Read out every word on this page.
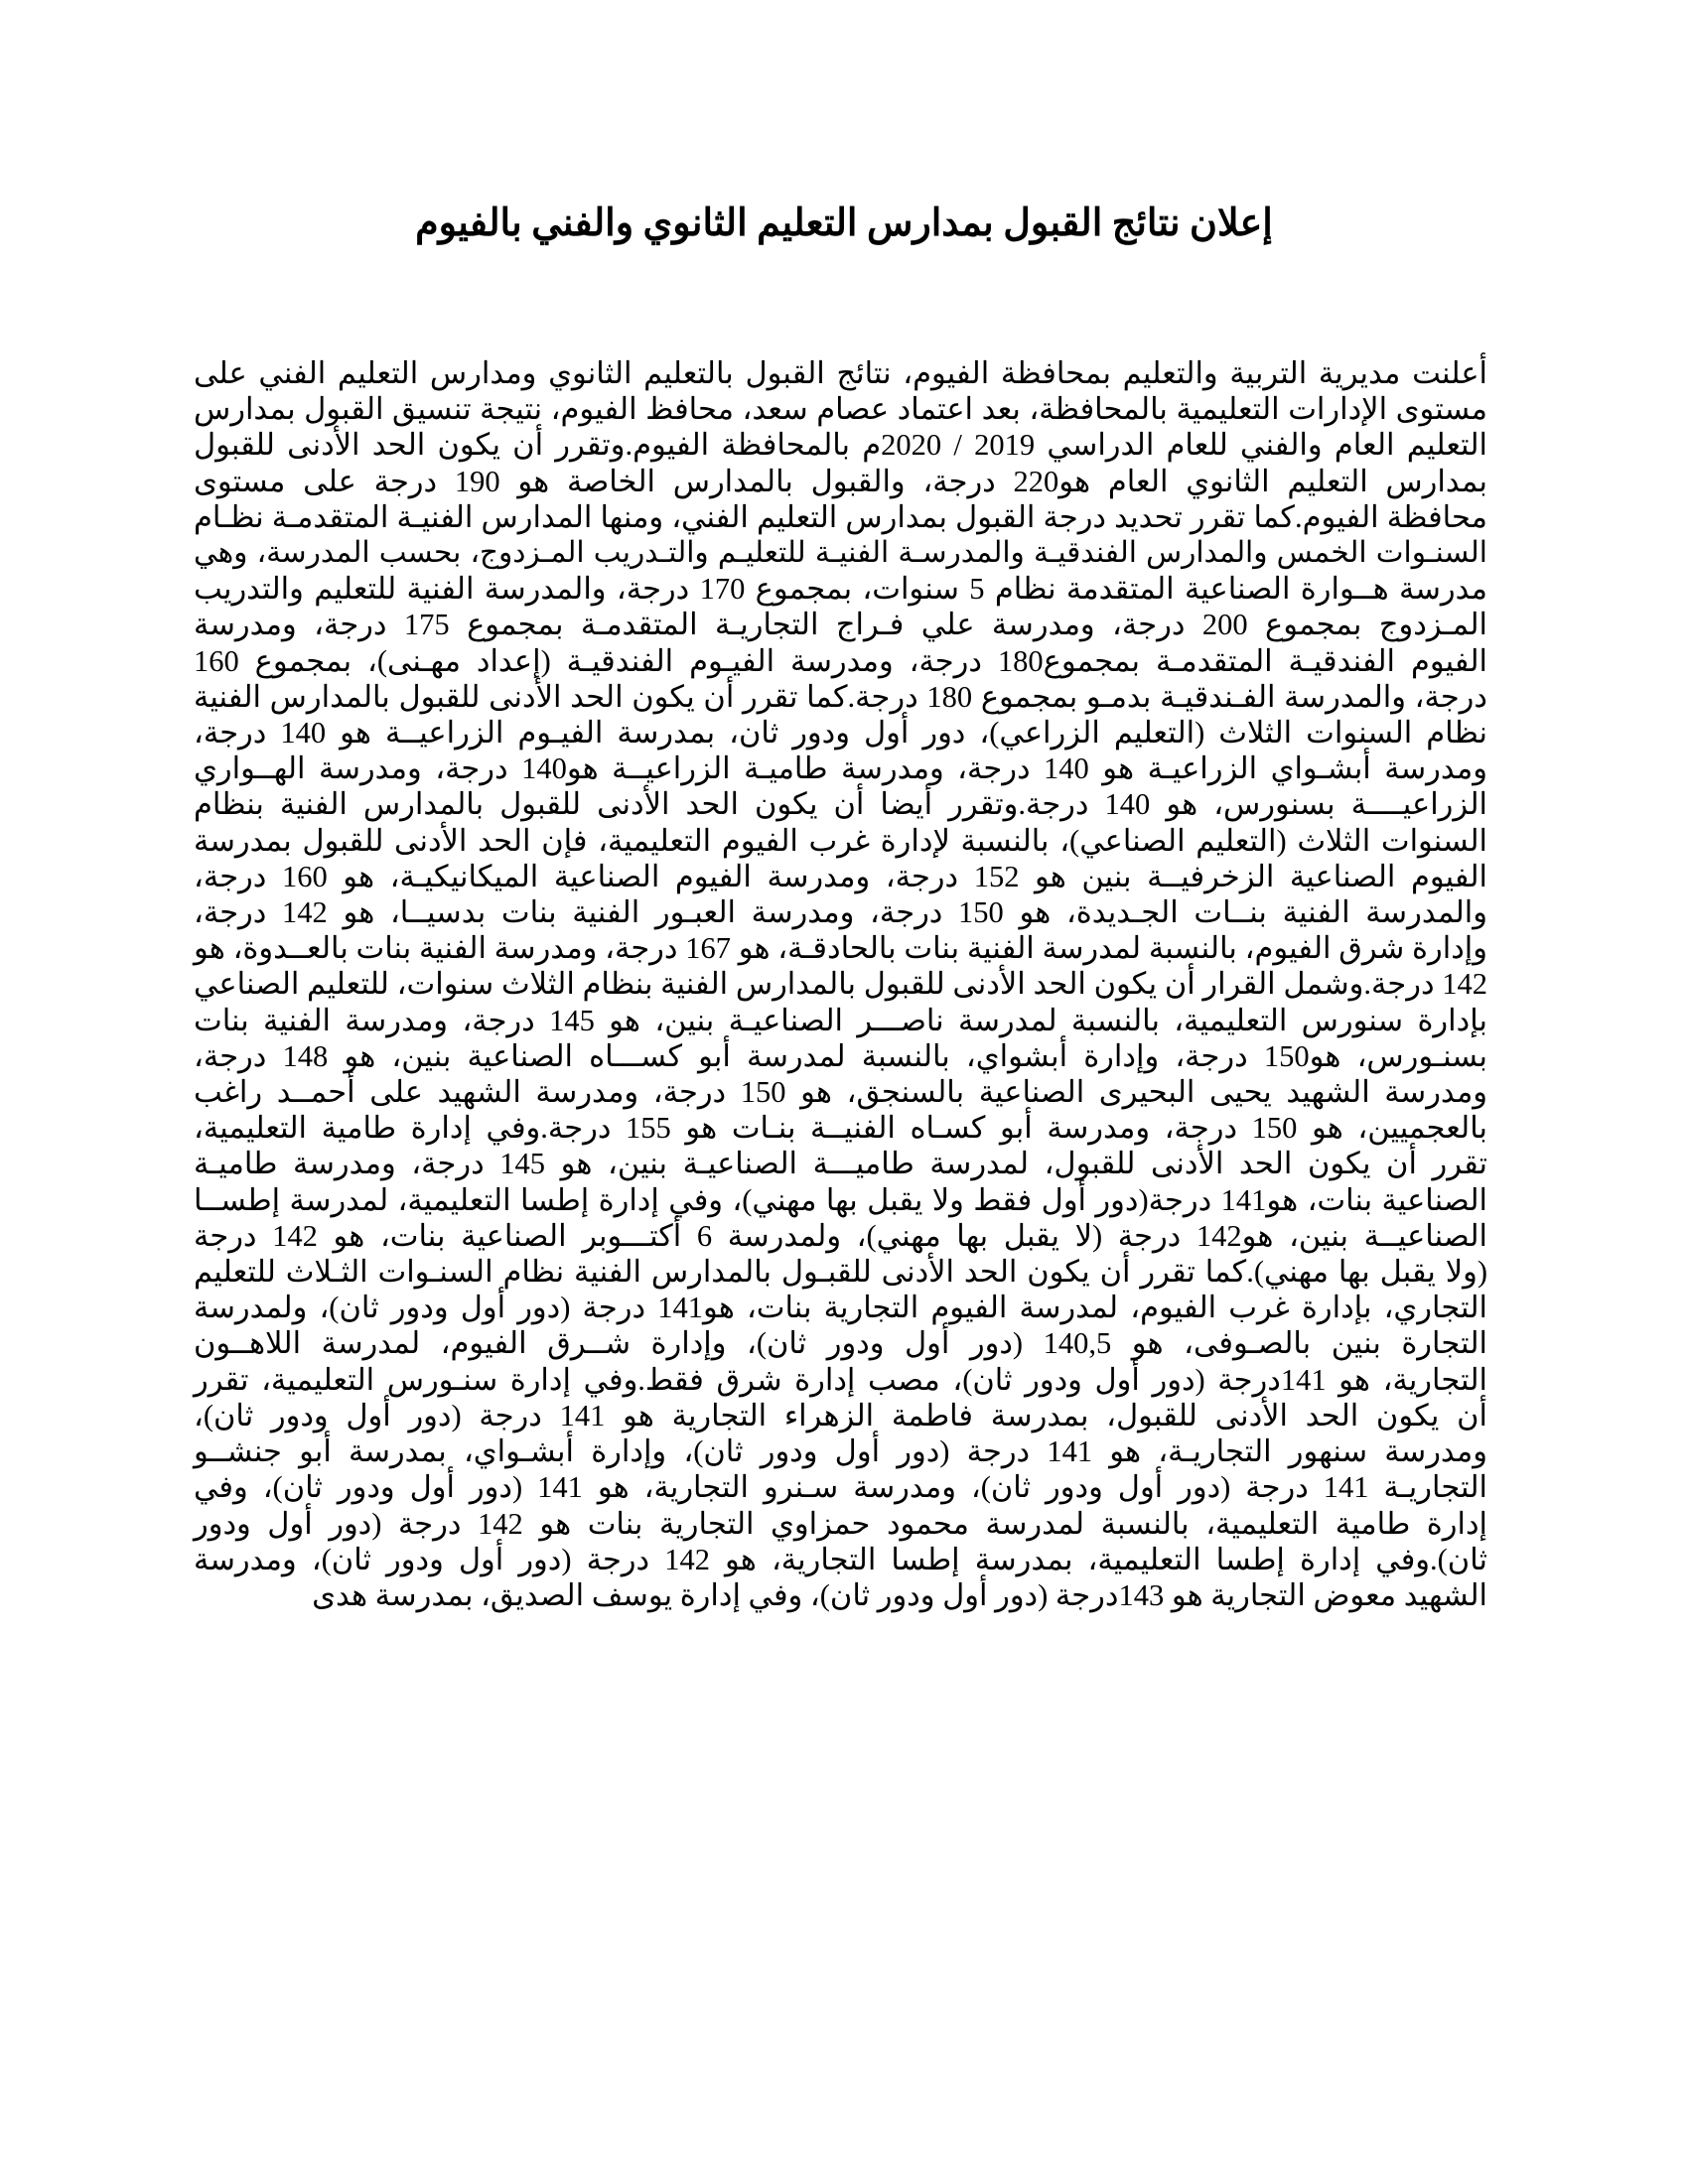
إعلان نتائج القبول بمدارس التعليم الثانوي والفني بالفيوم
أعلنت مديرية التربية والتعليم بمحافظة الفيوم، نتائج القبول بالتعليم الثانوي ومدارس التعليم الفني على
مستوى الإدارات التعليمية بالمحافظة، بعد اعتماد عصام سعد، محافظ الفيوم، نتيجة تنسيق القبول بمدارس
التعليم العام والفني للعام الدراسي 2019 / 2020م بالمحافظة الفيوم.وتقرر أن يكون الحد الأدنى للقبول
بمدارس التعليم الثانوي العام هو220 درجة، والقبول بالمدارس الخاصة هو 190 درجة على مستوى
محافظة الفيوم.كما تقرر تحديد درجة القبول بمدارس التعليم الفني، ومنها المدارس الفنيـة المتقدمـة نظـام
السنـوات الخمس والمدارس الفندقيـة والمدرسـة الفنيـة للتعليـم والتـدريب المـزدوج، بحسب المدرسة، وهي
مدرسة هــوارة الصناعية المتقدمة نظام 5 سنوات، بمجموع 170 درجة، والمدرسة الفنية للتعليم والتدريب
المـزدوج بمجموع 200 درجة، ومدرسة علي فـراج التجاريـة المتقدمـة بمجموع 175 درجة، ومدرسة
الفيوم الفندقيـة المتقدمـة بمجموع180 درجة، ومدرسة الفيـوم الفندقيـة (إعداد مهـنى)، بمجموع 160
درجة، والمدرسة الفـندقيـة بدمـو بمجموع 180 درجة.كما تقرر أن يكون الحد الأدنى للقبول بالمدارس الفنية
نظام السنوات الثلاث (التعليم الزراعي)، دور أول ودور ثان، بمدرسة الفيـوم الزراعيــة هو 140 درجة،
ومدرسة أبشـواي الزراعيـة هو 140 درجة، ومدرسة طاميـة الزراعيــة هو140 درجة، ومدرسة الهــواري
الزراعيــــة بسنورس، هو 140 درجة.وتقرر أيضا أن يكون الحد الأدنى للقبول بالمدارس الفنية بنظام
السنوات الثلاث (التعليم الصناعي)، بالنسبة لإدارة غرب الفيوم التعليمية، فإن الحد الأدنى للقبول بمدرسة
الفيوم الصناعية الزخرفيــة بنين هو 152 درجة، ومدرسة الفيوم الصناعية الميكانيكيـة، هو 160 درجة،
والمدرسة الفنية بنــات الجـديدة، هو 150 درجة، ومدرسة العبـور الفنية بنات بدسيــا، هو 142 درجة،
وإدارة شرق الفيوم، بالنسبة لمدرسة الفنية بنات بالحادقـة، هو 167 درجة، ومدرسة الفنية بنات بالعــدوة، هو
142 درجة.وشمل القرار أن يكون الحد الأدنى للقبول بالمدارس الفنية بنظام الثلاث سنوات، للتعليم الصناعي
بإدارة سنورس التعليمية، بالنسبة لمدرسة ناصـــر الصناعيـة بنين، هو 145 درجة، ومدرسة الفنية بنات
بسنـورس، هو150 درجة، وإدارة أبشواي، بالنسبة لمدرسة أبو كســـاه الصناعية بنين، هو 148 درجة،
ومدرسة الشهيد يحيى البحيرى الصناعية بالسنجق، هو 150 درجة، ومدرسة الشهيد على أحمــد راغب
بالعجميين، هو 150 درجة، ومدرسة أبو كسـاه الفنيــة بنـات هو 155 درجة.وفي إدارة طامية التعليمية،
تقرر أن يكون الحد الأدنى للقبول، لمدرسة طاميـــة الصناعيـة بنين، هو 145 درجة، ومدرسة طاميـة
الصناعية بنات، هو141 درجة(دور أول فقط ولا يقبل بها مهني)، وفي إدارة إطسا التعليمية، لمدرسة إطســا
الصناعيــة بنين، هو142 درجة (لا يقبل بها مهني)، ولمدرسة 6 أكتـــوبر الصناعية بنات، هو 142 درجة
(ولا يقبل بها مهني).كما تقرر أن يكون الحد الأدنى للقبـول بالمدارس الفنية نظام السنـوات الثـلاث للتعليم
التجاري، بإدارة غرب الفيوم، لمدرسة الفيوم التجارية بنات، هو141 درجة (دور أول ودور ثان)، ولمدرسة
التجارة بنين بالصـوفى، هو 140,5 (دور أول ودور ثان)، وإدارة شــرق الفيوم، لمدرسة اللاهــون
التجارية، هو 141درجة (دور أول ودور ثان)، مصب إدارة شرق فقط.وفي إدارة سنـورس التعليمية، تقرر
أن يكون الحد الأدنى للقبول، بمدرسة فاطمة الزهراء التجارية هو 141 درجة (دور أول ودور ثان)،
ومدرسة سنهور التجاريـة، هو 141 درجة (دور أول ودور ثان)، وإدارة أبشـواي، بمدرسة أبو جنشــو
التجاريـة 141 درجة (دور أول ودور ثان)، ومدرسة سـنرو التجارية، هو 141 (دور أول ودور ثان)، وفي
إدارة طامية التعليمية، بالنسبة لمدرسة محمود حمزاوي التجارية بنات هو 142 درجة (دور أول ودور
ثان).وفي إدارة إطسا التعليمية، بمدرسة إطسا التجارية، هو 142 درجة (دور أول ودور ثان)، ومدرسة
الشهيد معوض التجارية هو 143درجة (دور أول ودور ثان)، وفي إدارة يوسف الصديق، بمدرسة هدى
